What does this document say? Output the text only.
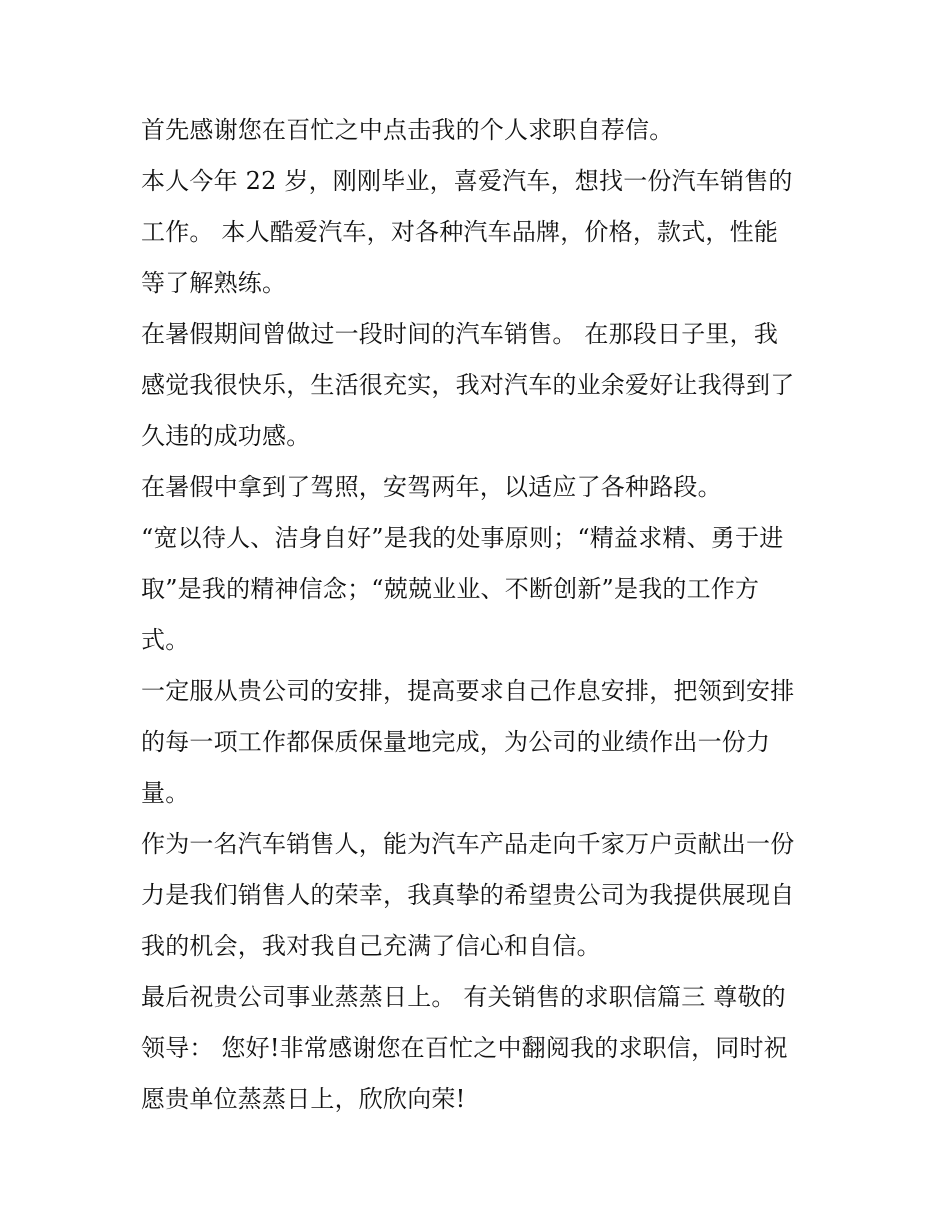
首先感谢您在百忙之中点击我的个人求职自荐信。
本人今年 22 岁，刚刚毕业，喜爱汽车，想找一份汽车销售的
工作。 本人酷爱汽车，对各种汽车品牌，价格，款式，性能
等了解熟练。
在暑假期间曾做过一段时间的汽车销售。 在那段日子里，我
感觉我很快乐，生活很充实，我对汽车的业余爱好让我得到了
久违的成功感。
在暑假中拿到了驾照，安驾两年，以适应了各种路段。
“宽以待人、洁身自好”是我的处事原则；“精益求精、勇于进
取”是我的精神信念；“兢兢业业、不断创新”是我的工作方
式。
一定服从贵公司的安排，提高要求自己作息安排，把领到安排
的每一项工作都保质保量地完成，为公司的业绩作出一份力
量。
作为一名汽车销售人，能为汽车产品走向千家万户贡献出一份
力是我们销售人的荣幸，我真挚的希望贵公司为我提供展现自
我的机会，我对我自己充满了信心和自信。
最后祝贵公司事业蒸蒸日上。 有关销售的求职信篇三 尊敬的
领导： 您好!非常感谢您在百忙之中翻阅我的求职信，同时祝
愿贵单位蒸蒸日上，欣欣向荣!
